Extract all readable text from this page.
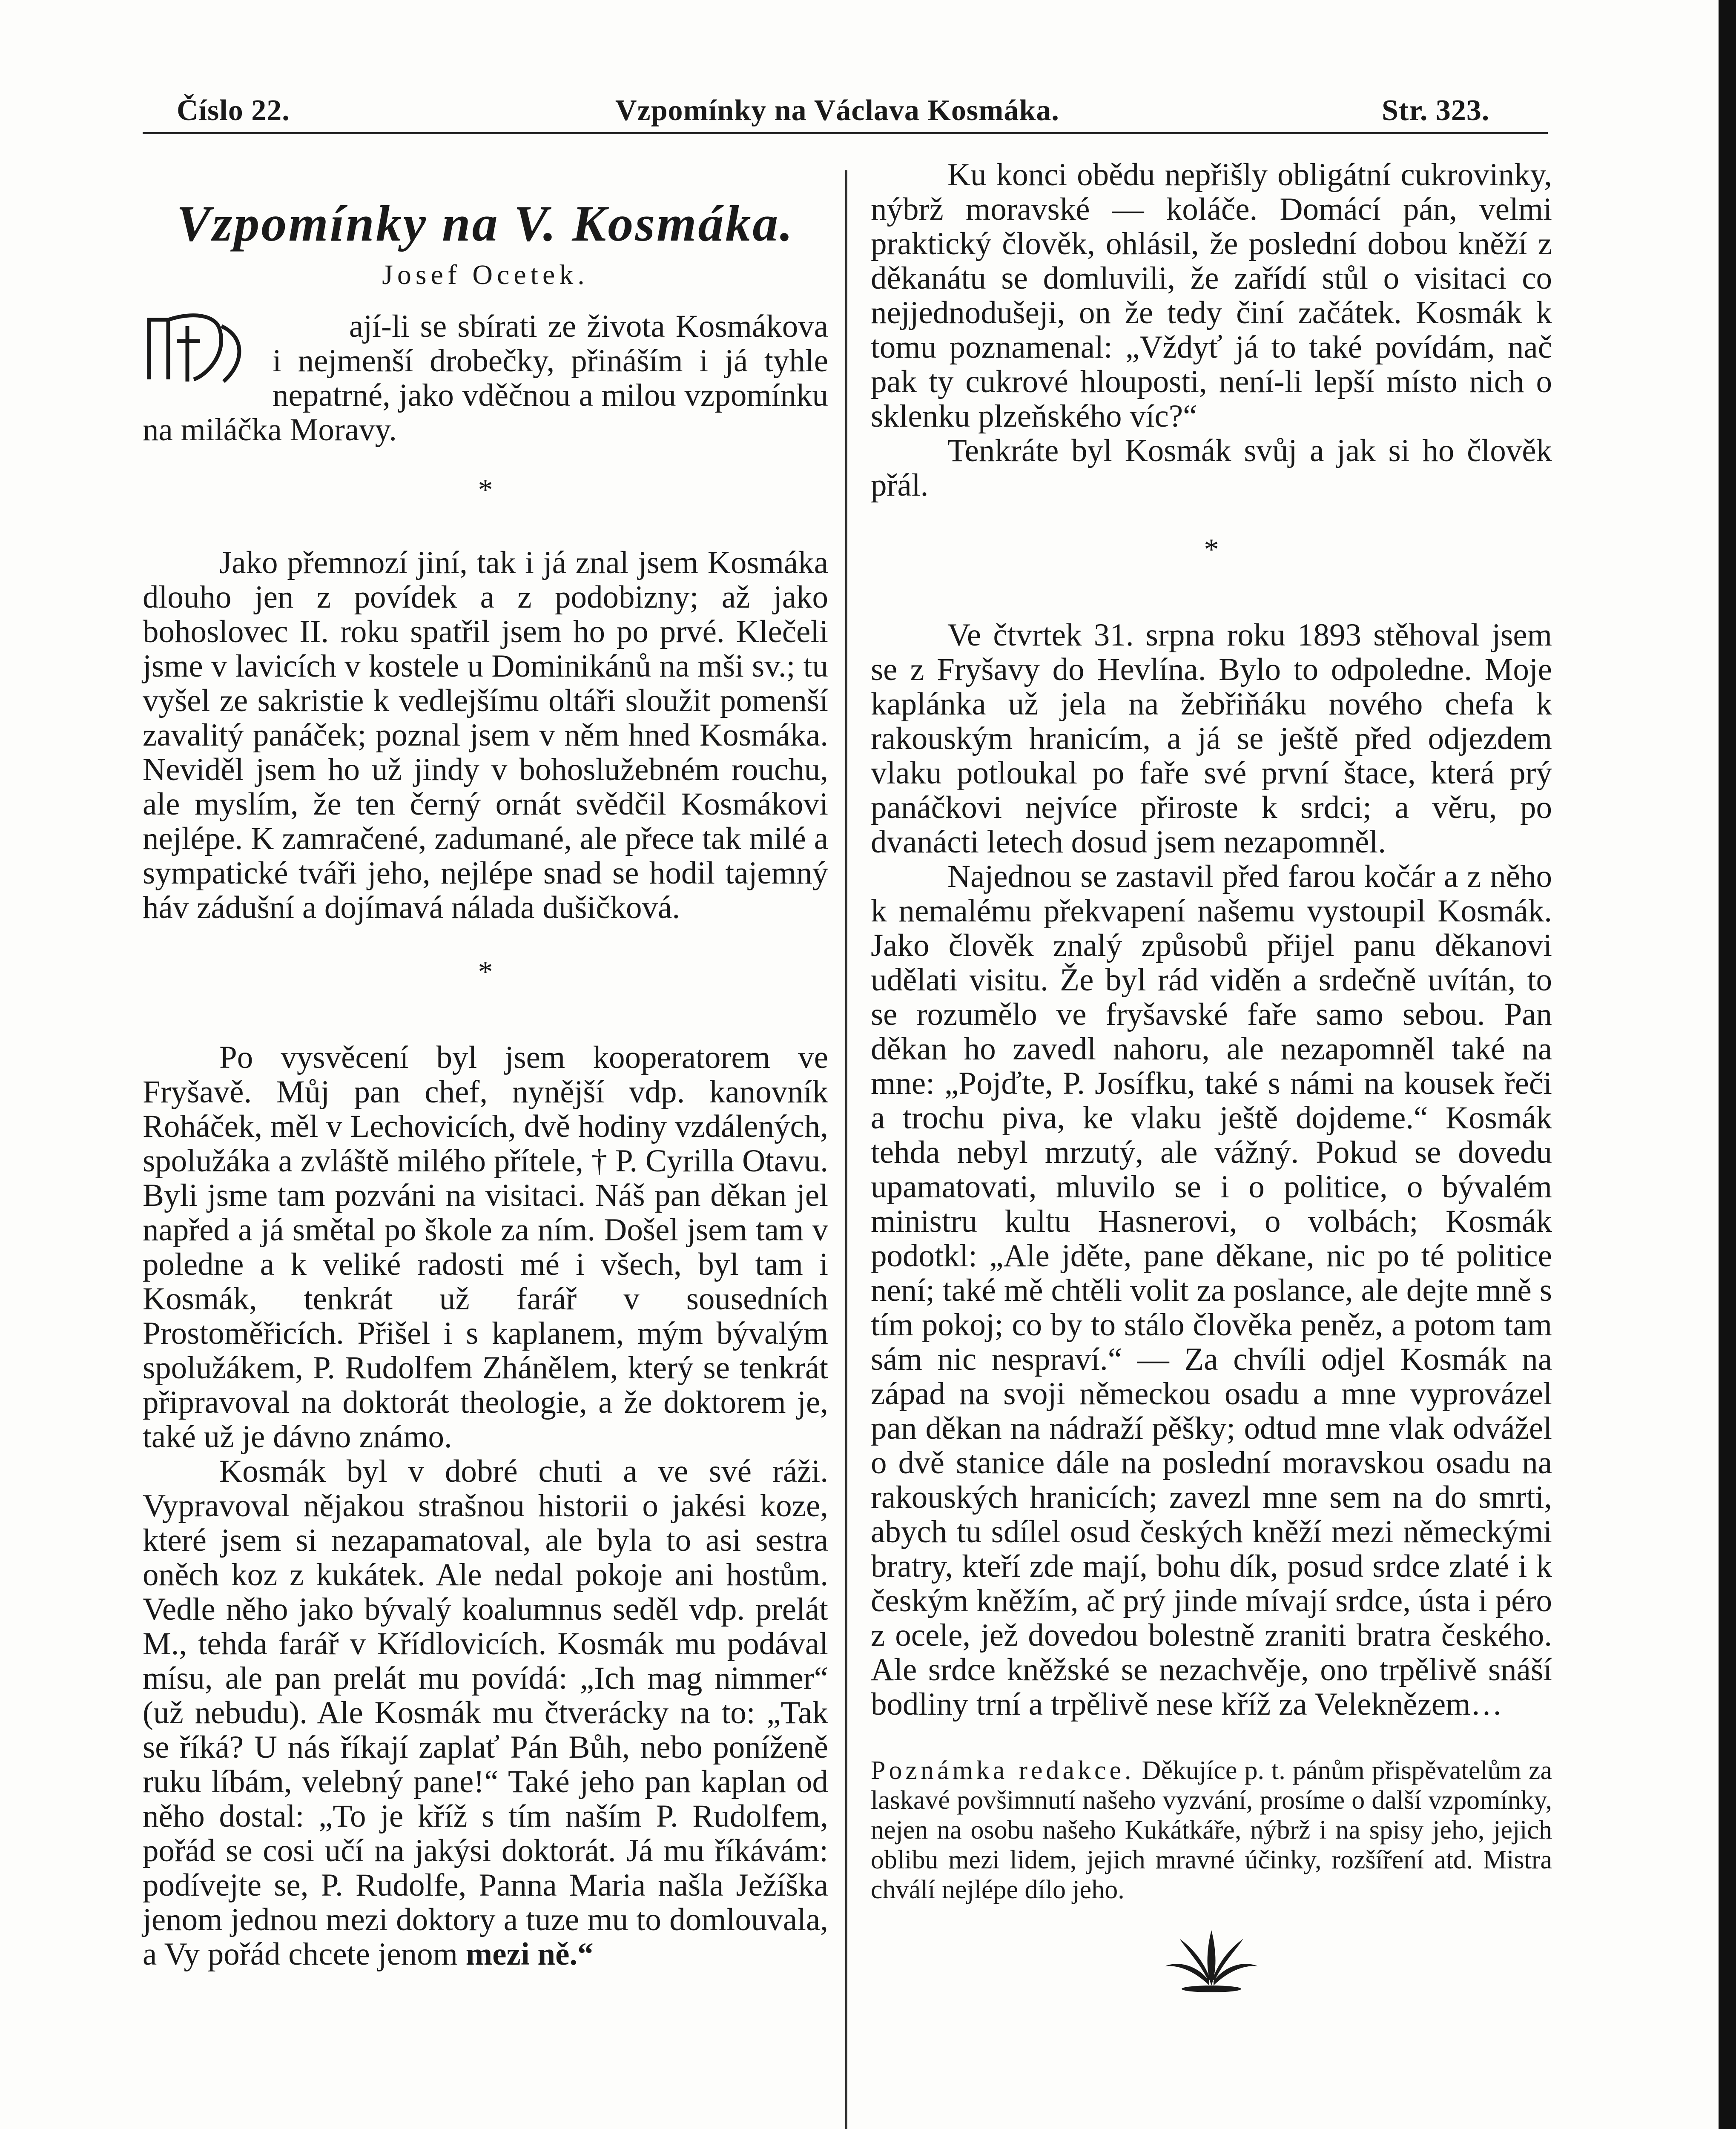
Číslo 22.	Vzpomínky na Václava Kosmáka.	Str. 323.
Vzpomínky na V. Kosmáka.
Josef Ocetek.

M
ají-li se sbírati ze života Kosmákova i nejmenší drobečky, přináším i já tyhle nepatrné, jako vděčnou a milou vzpomínku na miláčka Moravy.

*

Jako přemnozí jiní, tak i já znal jsem Kosmáka dlouho jen z povídek a z podobizny; až jako bohoslovec II. roku spatřil jsem ho po prvé. Klečeli jsme v lavicích v kostele u Dominikánů na mši sv.; tu vyšel ze sakristie k vedlejšímu oltáři sloužit pomenší zavalitý panáček; poznal jsem v něm hned Kosmáka. Neviděl jsem ho už jindy v bohoslužebném rouchu, ale myslím, že ten černý ornát svědčil Kosmákovi nejlépe. K zamračené, zadumané, ale přece tak milé a sympatické tváři jeho, nejlépe snad se hodil tajemný háv zádušní a dojímavá nálada dušičková.

*

Po vysvěcení byl jsem kooperatorem ve Fryšavě. Můj pan chef, nynější vdp. kanovník Roháček, měl v Lechovicích, dvě hodiny vzdálených, spolužáka a zvláště milého přítele, † P. Cyrilla Otavu. Byli jsme tam pozváni na visitaci. Náš pan děkan jel napřed a já smětal po škole za ním. Došel jsem tam v poledne a k veliké radosti mé i všech, byl tam i Kosmák, tenkrát už farář v sousedních Prostoměřicích. Přišel i s kaplanem, mým bývalým spolužákem, P. Rudolfem Zhánělem, který se tenkrát připravoval na doktorát theologie, a že doktorem je, také už je dávno známo.

Kosmák byl v dobré chuti a ve své ráži. Vypravoval nějakou strašnou historii o jakési koze, které jsem si nezapamatoval, ale byla to asi sestra oněch koz z kukátek. Ale nedal pokoje ani hostům. Vedle něho jako bývalý koalumnus seděl vdp. prelát M., tehda farář v Křídlovicích. Kosmák mu podával mísu, ale pan prelát mu povídá: „Ich mag nimmer“ (už nebudu). Ale Kosmák mu čtverácky na to: „Tak se říká? U nás říkají zaplať Pán Bůh, nebo poníženě ruku líbám, velebný pane!“ Také jeho pan kaplan od něho dostal: „To je kříž s tím naším P. Rudolfem, pořád se cosi učí na jakýsi doktorát. Já mu říkávám: podívejte se, P. Rudolfe, Panna Maria našla Ježíška jenom jednou mezi doktory a tuze mu to domlouvala, a Vy pořád chcete jenom mezi ně.“

Ku konci obědu nepřišly obligátní cukrovinky, nýbrž moravské — koláče. Domácí pán, velmi praktický člověk, ohlásil, že poslední dobou kněží z děkanátu se domluvili, že zařídí stůl o visitaci co nejjednodušeji, on že tedy činí začátek. Kosmák k tomu poznamenal: „Vždyť já to také povídám, nač pak ty cukrové hlouposti, není-li lepší místo nich o sklenku plzeňského víc?“

Tenkráte byl Kosmák svůj a jak si ho člověk přál.

*

Ve čtvrtek 31. srpna roku 1893 stěhoval jsem se z Fryšavy do Hevlína. Bylo to odpoledne. Moje kaplánka už jela na žebřiňáku nového chefa k rakouským hranicím, a já se ještě před odjezdem vlaku potloukal po faře své první štace, která prý panáčkovi nejvíce přiroste k srdci; a věru, po dvanácti letech dosud jsem nezapomněl.

Najednou se zastavil před farou kočár a z něho k nemalému překvapení našemu vystoupil Kosmák. Jako člověk znalý způsobů přijel panu děkanovi udělati visitu. Že byl rád viděn a srdečně uvítán, to se rozumělo ve fryšavské faře samo sebou. Pan děkan ho zavedl nahoru, ale nezapomněl také na mne: „Pojďte, P. Josífku, také s námi na kousek řeči a trochu piva, ke vlaku ještě dojdeme.“ Kosmák tehda nebyl mrzutý, ale vážný. Pokud se dovedu upamatovati, mluvilo se i o politice, o bývalém ministru kultu Hasnerovi, o volbách; Kosmák podotkl: „Ale jděte, pane děkane, nic po té politice není; také mě chtěli volit za poslance, ale dejte mně s tím pokoj; co by to stálo člověka peněz, a potom tam sám nic nespraví.“ — Za chvíli odjel Kosmák na západ na svoji německou osadu a mne vyprovázel pan děkan na nádraží pěšky; odtud mne vlak odvážel o dvě stanice dále na poslední moravskou osadu na rakouských hranicích; zavezl mne sem na do smrti, abych tu sdílel osud českých kněží mezi německými bratry, kteří zde mají, bohu dík, posud srdce zlaté i k českým kněžím, ač prý jinde mívají srdce, ústa i péro z ocele, jež dovedou bolestně zraniti bratra českého. Ale srdce kněžské se nezachvěje, ono trpělivě snáší bodliny trní a trpělivě nese kříž za Veleknězem…

Poznámka redakce. Děkujíce p. t. pánům přispěvatelům za laskavé povšimnutí našeho vyzvání, prosíme o další vzpomínky, nejen na osobu našeho Kukátkáře, nýbrž i na spisy jeho, jejich oblibu mezi lidem, jejich mravné účinky, rozšíření atd. Mistra chválí nejlépe dílo jeho.
